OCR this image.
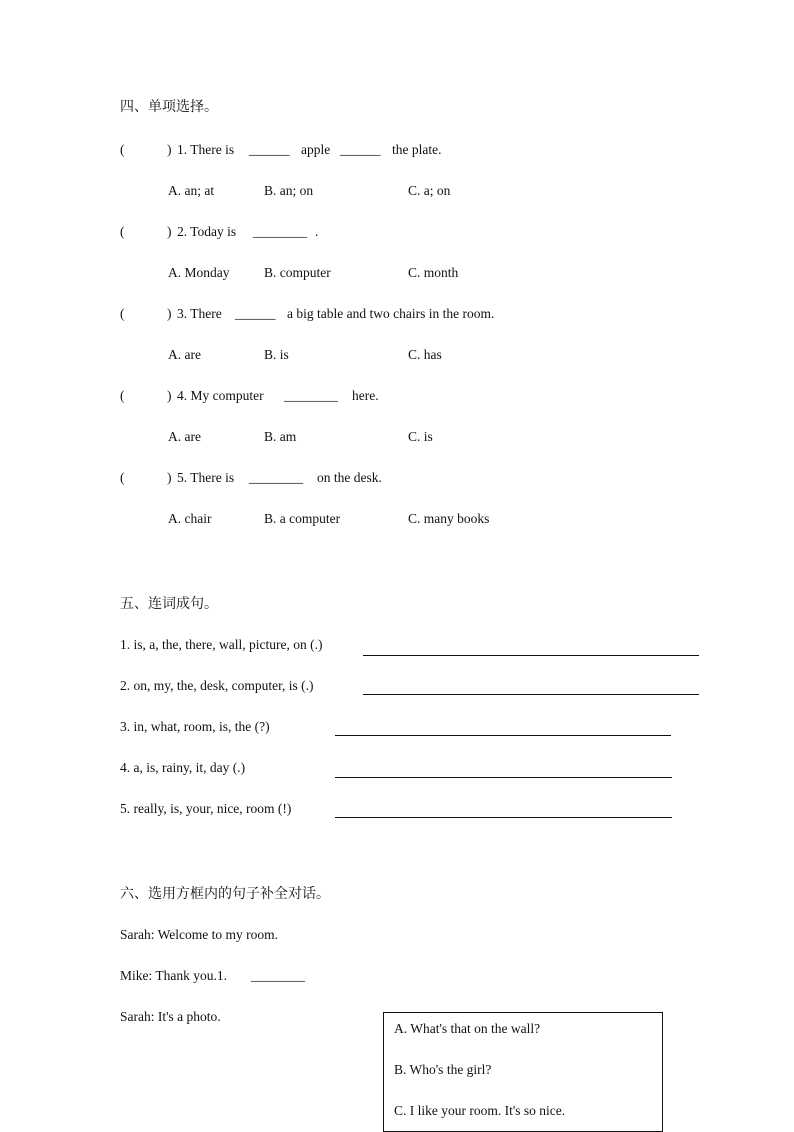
四、单项选择。
(	) 1. There is ______ apple ______ the plate.
A. an; at	B. an; on	C. a; on
(	) 2. Today is ________ .
A. Monday	B. computer	C. month
(	) 3. There ______ a big table and two chairs in the room.
A. are	B. is	C. has
(	) 4. My computer ________ here.
A. are	B. am	C. is
(	) 5. There is ________ on the desk.
A. chair	B. a computer	C. many books
五、连词成句。
1. is, a, the, there, wall, picture, on (.)
2. on, my, the, desk, computer, is (.)
3. in, what, room, is, the (?)
4. a, is, rainy, it, day (.)
5. really, is, your, nice, room (!)
六、选用方框内的句子补全对话。
Sarah: Welcome to my room.
Mike: Thank you.1. ________
Sarah: It's a photo.
A. What's that on the wall?
B. Who's the girl?
C. I like your room. It's so nice.
